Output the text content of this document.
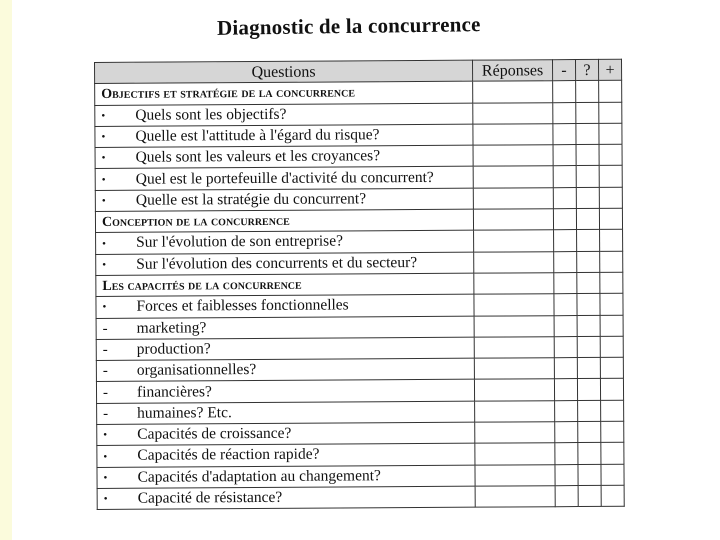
Diagnostic de la concurrence
Questions	Réponses	-	?	+
Objectifs et stratégie de la concurrence				
• Quels sont les objectifs?				
• Quelle est l'attitude à l'égard du risque?				
• Quels sont les valeurs et les croyances?				
• Quel est le portefeuille d'activité du concurrent?				
• Quelle est la stratégie du concurrent?				
Conception de la concurrence				
• Sur l'évolution de son entreprise?				
• Sur l'évolution des concurrents et du secteur?				
Les capacités de la concurrence				
• Forces et faiblesses fonctionnelles				
- marketing?				
- production?				
- organisationnelles?				
- financières?				
- humaines? Etc.				
• Capacités de croissance?				
• Capacités de réaction rapide?				
• Capacités d'adaptation au changement?				
• Capacité de résistance?				
